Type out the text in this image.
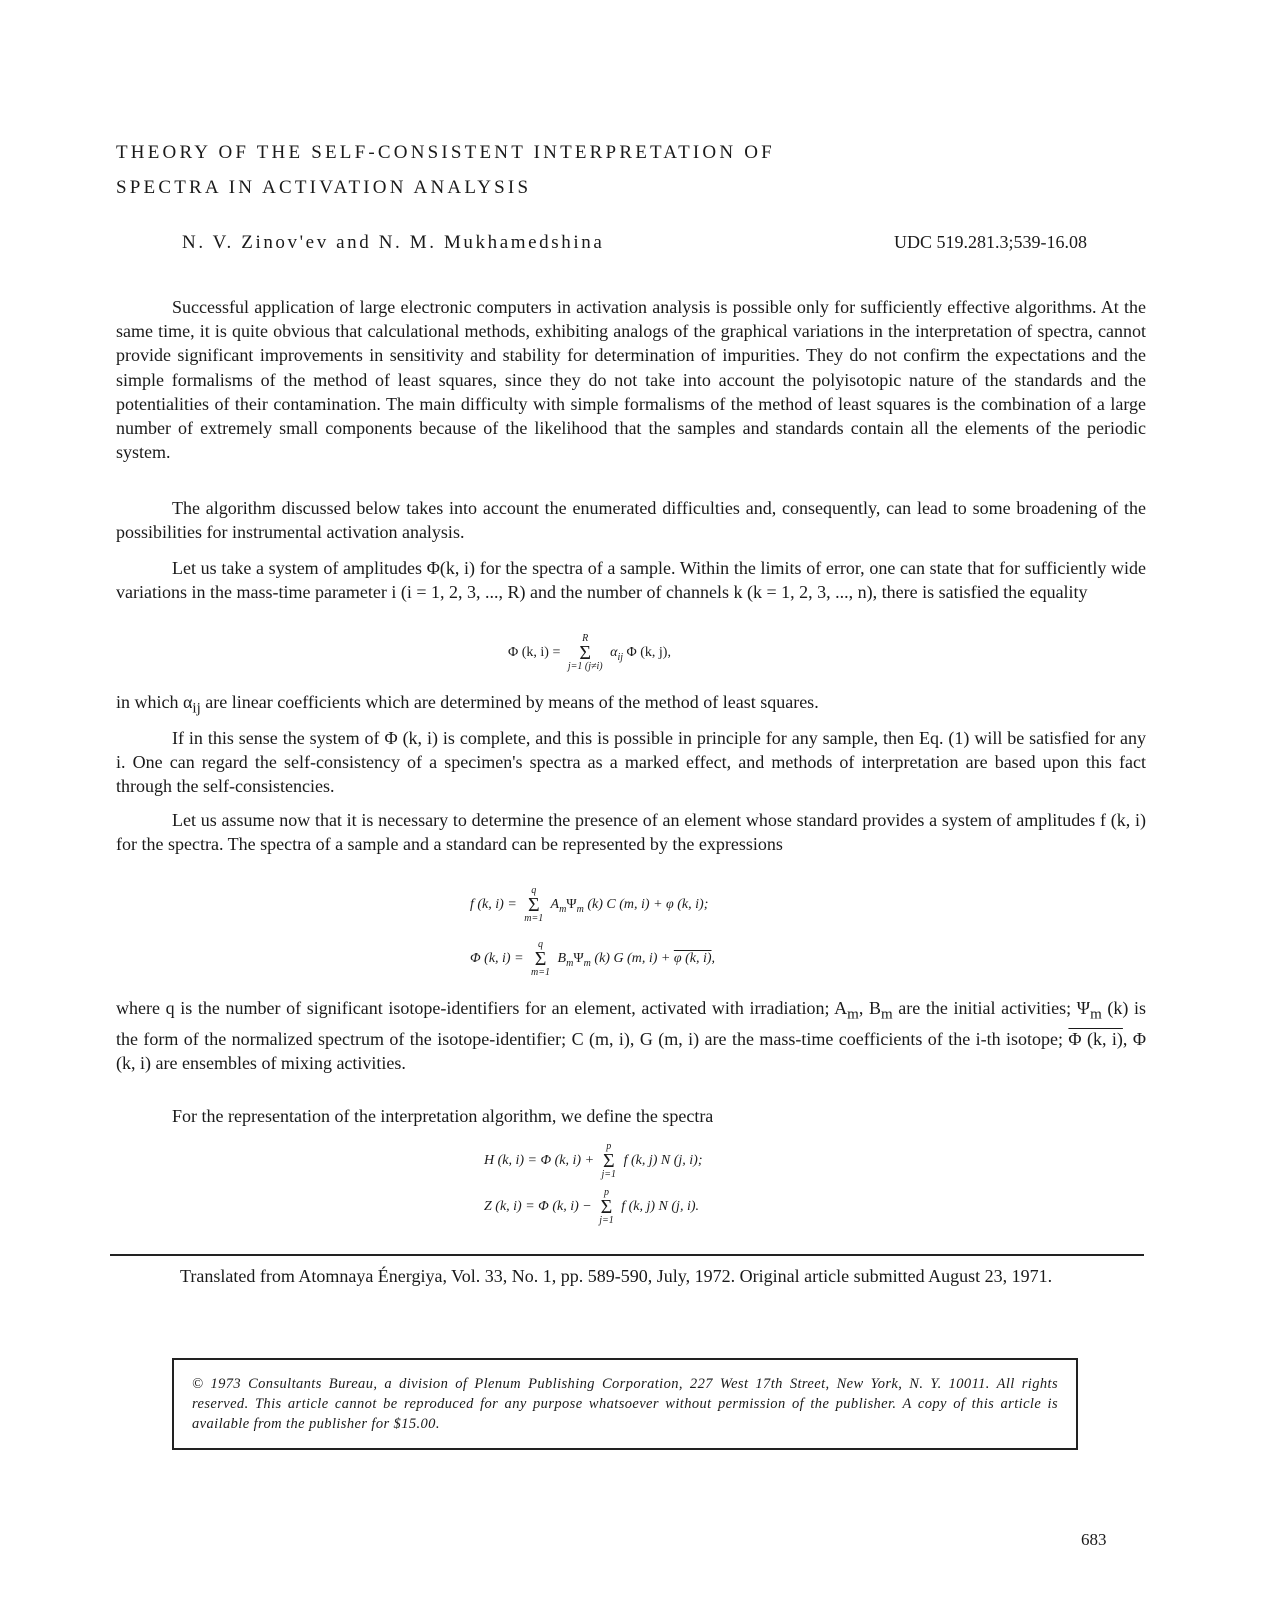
THEORY OF THE SELF-CONSISTENT INTERPRETATION OF
SPECTRA IN ACTIVATION ANALYSIS
N. V. Zinov'ev and N. M. Mukhamedshina	UDC 519.281.3;539-16.08

Successful application of large electronic computers in activation analysis is possible only for sufficiently effective algorithms. At the same time, it is quite obvious that calculational methods, exhibiting analogs of the graphical variations in the interpretation of spectra, cannot provide significant improvements in sensitivity and stability for determination of impurities. They do not confirm the expectations and the simple formalisms of the method of least squares, since they do not take into account the polyisotopic nature of the standards and the potentialities of their contamination. The main difficulty with simple formalisms of the method of least squares is the combination of a large number of extremely small components because of the likelihood that the samples and standards contain all the elements of the periodic system.

The algorithm discussed below takes into account the enumerated difficulties and, consequently, can lead to some broadening of the possibilities for instrumental activation analysis.

Let us take a system of amplitudes Φ(k, i) for the spectra of a sample. Within the limits of error, one can state that for sufficiently wide variations in the mass-time parameter i (i = 1, 2, 3, ..., R) and the number of channels k (k = 1, 2, 3, ..., n), there is satisfied the equality

Φ (k, i) =
R
Σ
j=1 (j≠i)
$\alpha_{ij}$ Φ (k, j),

in which $\alpha_{ij}$ are linear coefficients which are determined by means of the method of least squares.

If in this sense the system of Φ (k, i) is complete, and this is possible in principle for any sample, then Eq. (1) will be satisfied for any i. One can regard the self-consistency of a specimen's spectra as a marked effect, and methods of interpretation are based upon this fact through the self-consistencies.

Let us assume now that it is necessary to determine the presence of an element whose standard provides a system of amplitudes f (k, i) for the spectra. The spectra of a sample and a standard can be represented by the expressions

f (k, i) =
q
Σ
m=1
$A_m\Psi_m$ (k) C (m, i) + φ (k, i);
Φ (k, i) =
q
Σ
m=1
$B_m\Psi_m$ (k) G (m, i) + φ (k, i),

where q is the number of significant isotope-identifiers for an element, activated with irradiation; $A_m$, $B_m$ are the initial activities; $\Psi_m$ (k) is the form of the normalized spectrum of the isotope-identifier; C (m, i), G (m, i) are the mass-time coefficients of the i-th isotope; Φ (k, i), Φ (k, i) are ensembles of mixing activities.

For the representation of the interpretation algorithm, we define the spectra

H (k, i) = Φ (k, i) +
p
Σ
j=1
f (k, j) N (j, i);
Z (k, i) = Φ (k, i) −
p
Σ
j=1
f (k, j) N (j, i).

Translated from Atomnaya Énergiya, Vol. 33, No. 1, pp. 589-590, July, 1972. Original article submitted August 23, 1971.

© 1973 Consultants Bureau, a division of Plenum Publishing Corporation, 227 West 17th Street, New York, N. Y. 10011. All rights reserved. This article cannot be reproduced for any purpose whatsoever without permission of the publisher. A copy of this article is available from the publisher for $15.00.

683
